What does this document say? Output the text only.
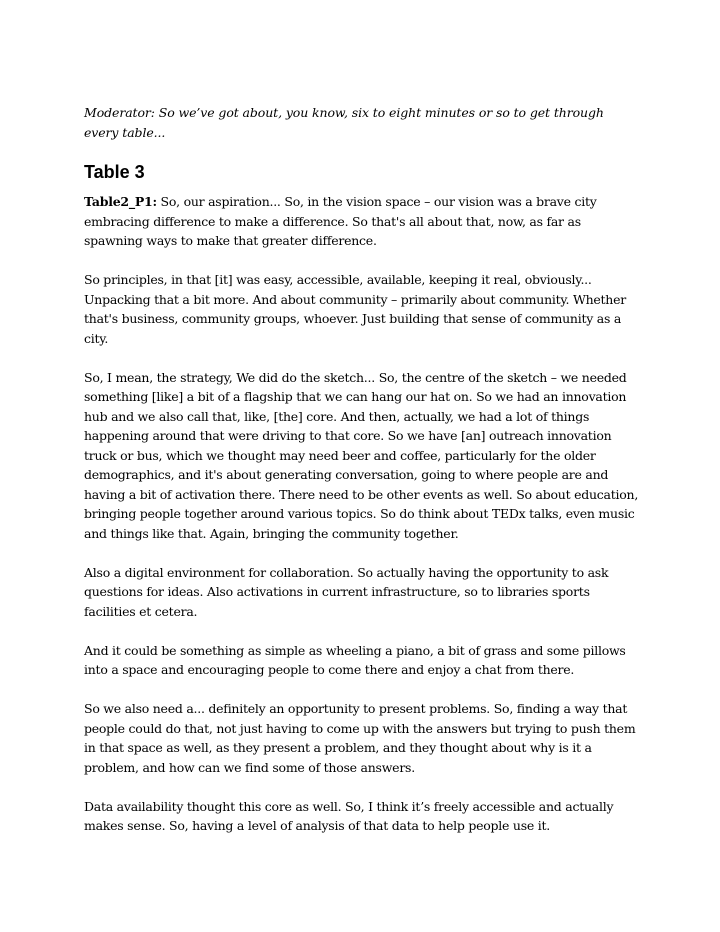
Moderator: So we’ve got about, you know, six to eight minutes or so to get through every table...

Table 3

Table2_P1: So, our aspiration... So, in the vision space – our vision was a brave city embracing difference to make a difference. So that's all about that, now, as far as spawning ways to make that greater difference.

So principles, in that [it] was easy, accessible, available, keeping it real, obviously... Unpacking that a bit more. And about community – primarily about community. Whether that's business, community groups, whoever. Just building that sense of community as a city.

So, I mean, the strategy, We did do the sketch... So, the centre of the sketch – we needed something [like] a bit of a flagship that we can hang our hat on. So we had an innovation hub and we also call that, like, [the] core. And then, actually, we had a lot of things happening around that were driving to that core. So we have [an] outreach innovation truck or bus, which we thought may need beer and coffee, particularly for the older demographics, and it's about generating conversation, going to where people are and having a bit of activation there. There need to be other events as well. So about education, bringing people together around various topics. So do think about TEDx talks, even music and things like that. Again, bringing the community together.

Also a digital environment for collaboration. So actually having the opportunity to ask questions for ideas. Also activations in current infrastructure, so to libraries sports facilities et cetera.

And it could be something as simple as wheeling a piano, a bit of grass and some pillows into a space and encouraging people to come there and enjoy a chat from there.

So we also need a... definitely an opportunity to present problems. So, finding a way that people could do that, not just having to come up with the answers but trying to push them in that space as well, as they present a problem, and they thought about why is it a problem, and how can we find some of those answers.

Data availability thought this core as well. So, I think it’s freely accessible and actually makes sense. So, having a level of analysis of that data to help people use it.
